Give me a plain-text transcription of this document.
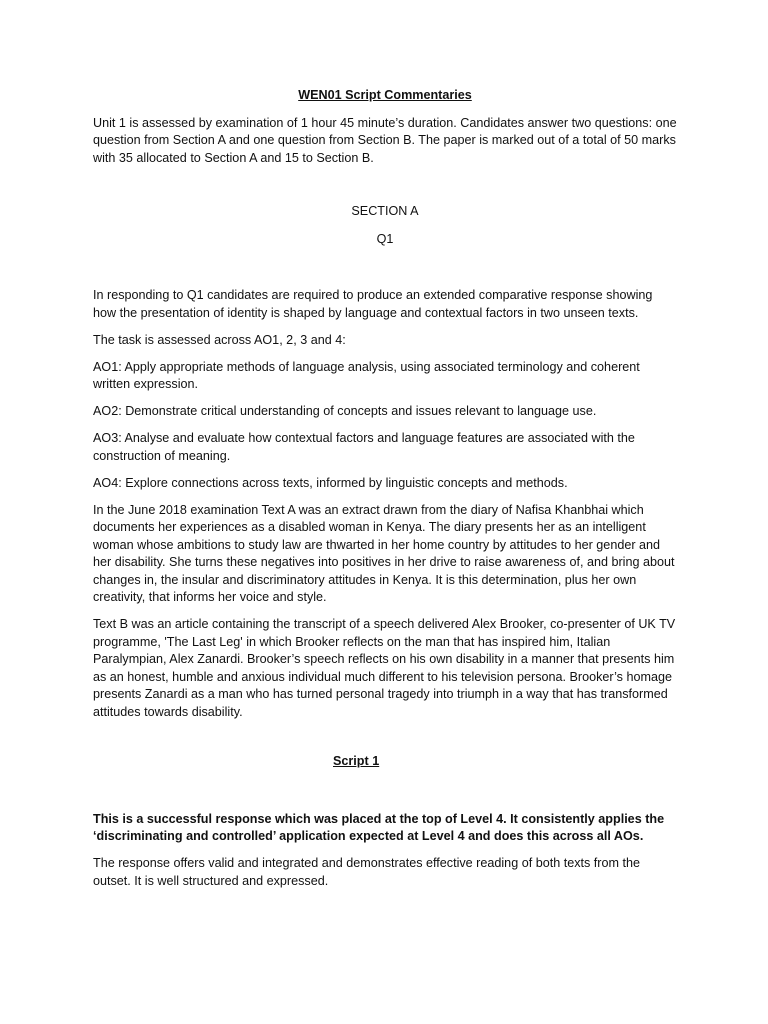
WEN01 Script Commentaries

Unit 1 is assessed by examination of 1 hour 45 minute’s duration. Candidates answer two questions: one question from Section A and one question from Section B. The paper is marked out of a total of 50 marks with 35 allocated to Section A and 15 to Section B.

SECTION A

Q1

In responding to Q1 candidates are required to produce an extended comparative response showing how the presentation of identity is shaped by language and contextual factors in two unseen texts.

The task is assessed across AO1, 2, 3 and 4:

AO1: Apply appropriate methods of language analysis, using associated terminology and coherent written expression.

AO2: Demonstrate critical understanding of concepts and issues relevant to language use.

AO3: Analyse and evaluate how contextual factors and language features are associated with the construction of meaning.

AO4: Explore connections across texts, informed by linguistic concepts and methods.

In the June 2018 examination Text A was an extract drawn from the diary of Nafisa Khanbhai which documents her experiences as a disabled woman in Kenya. The diary presents her as an intelligent woman whose ambitions to study law are thwarted in her home country by attitudes to her gender and her disability. She turns these negatives into positives in her drive to raise awareness of, and bring about changes in, the insular and discriminatory attitudes in Kenya. It is this determination, plus her own creativity, that informs her voice and style.

Text B was an article containing the transcript of a speech delivered Alex Brooker, co-presenter of UK TV programme, 'The Last Leg' in which Brooker reflects on the man that has inspired him, Italian Paralympian, Alex Zanardi. Brooker’s speech reflects on his own disability in a manner that presents him as an honest, humble and anxious individual much different to his television persona. Brooker’s homage presents Zanardi as a man who has turned personal tragedy into triumph in a way that has transformed attitudes towards disability.

Script 1

This is a successful response which was placed at the top of Level 4. It consistently applies the ‘discriminating and controlled’ application expected at Level 4 and does this across all AOs.

The response offers valid and integrated and demonstrates effective reading of both texts from the outset. It is well structured and expressed.
